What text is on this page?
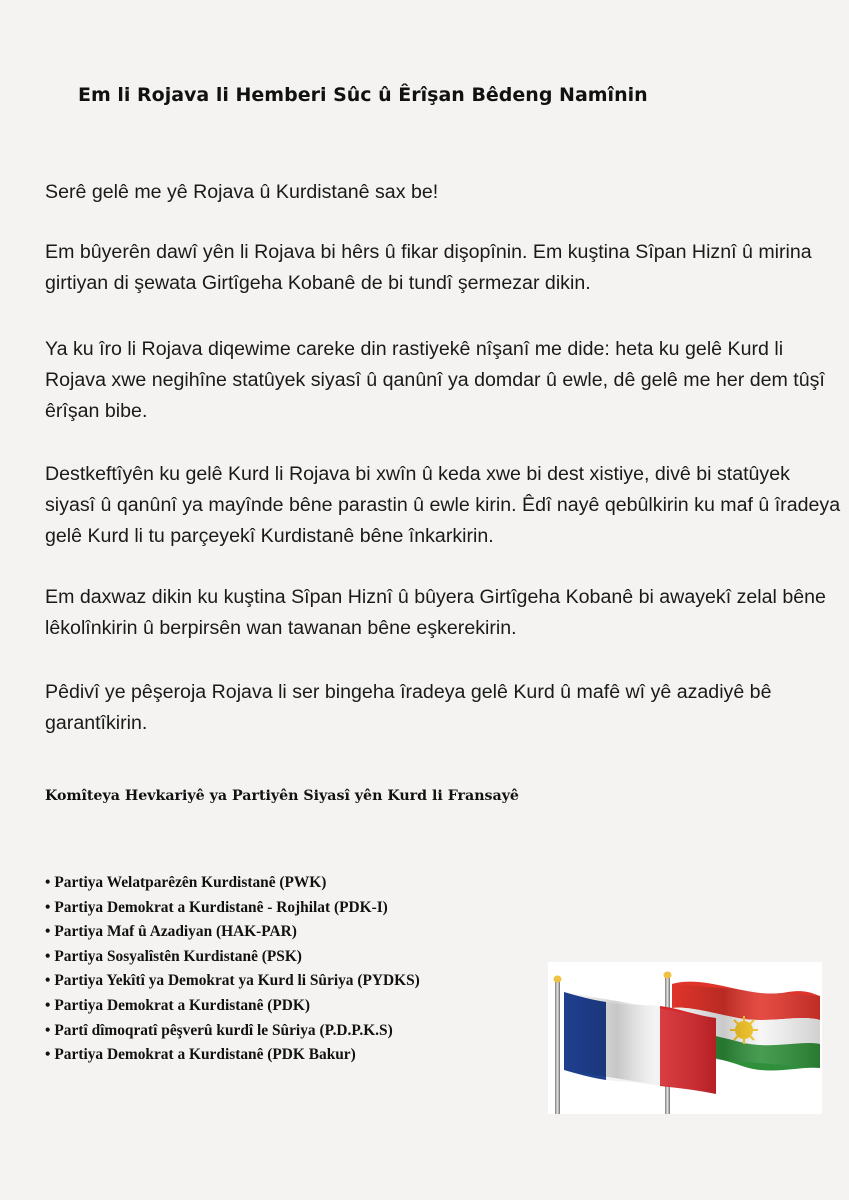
Em li Rojava li Hemberi Sûc û Êrîşan Bêdeng Namînin

Serê gelê me yê Rojava û Kurdistanê sax be!

Em bûyerên dawî yên li Rojava bi hêrs û fikar dişopînin. Em kuştina Sîpan Hiznî û mirina girtiyan di şewata Girtîgeha Kobanê de bi tundî şermezar dikin.

Ya ku îro li Rojava diqewime careke din rastiyekê nîşanî me dide: heta ku gelê Kurd li Rojava xwe negihîne statûyek siyasî û qanûnî ya domdar û ewle, dê gelê me her dem tûşî êrîşan bibe.

Destkeftîyên ku gelê Kurd li Rojava bi xwîn û keda xwe bi dest xistiye, divê bi statûyek siyasî û qanûnî ya mayînde bêne parastin û ewle kirin. Êdî nayê qebûlkirin ku maf û îradeya gelê Kurd li tu parçeyekî Kurdistanê bêne înkarkirin.

Em daxwaz dikin ku kuştina Sîpan Hiznî û bûyera Girtîgeha Kobanê bi awayekî zelal bêne lêkolînkirin û berpirsên wan tawanan bêne eşkerekirin.

Pêdivî ye pêşeroja Rojava li ser bingeha îradeya gelê Kurd û mafê wî yê azadiyê bê garantîkirin.

Komîteya Hevkariyê ya Partiyên Siyasî yên Kurd li Fransayê

• Partiya Welatparêzên Kurdistanê (PWK)
• Partiya Demokrat a Kurdistanê - Rojhilat (PDK-I)
• Partiya Maf û Azadiyan (HAK-PAR)
• Partiya Sosyalîstên Kurdistanê (PSK)
• Partiya Yekîtî ya Demokrat ya Kurd li Sûriya (PYDKS)
• Partiya Demokrat a Kurdistanê (PDK)
• Partî dîmoqratî pêşverû kurdî le Sûriya (P.D.P.K.S)
• Partiya Demokrat a Kurdistanê (PDK Bakur)
